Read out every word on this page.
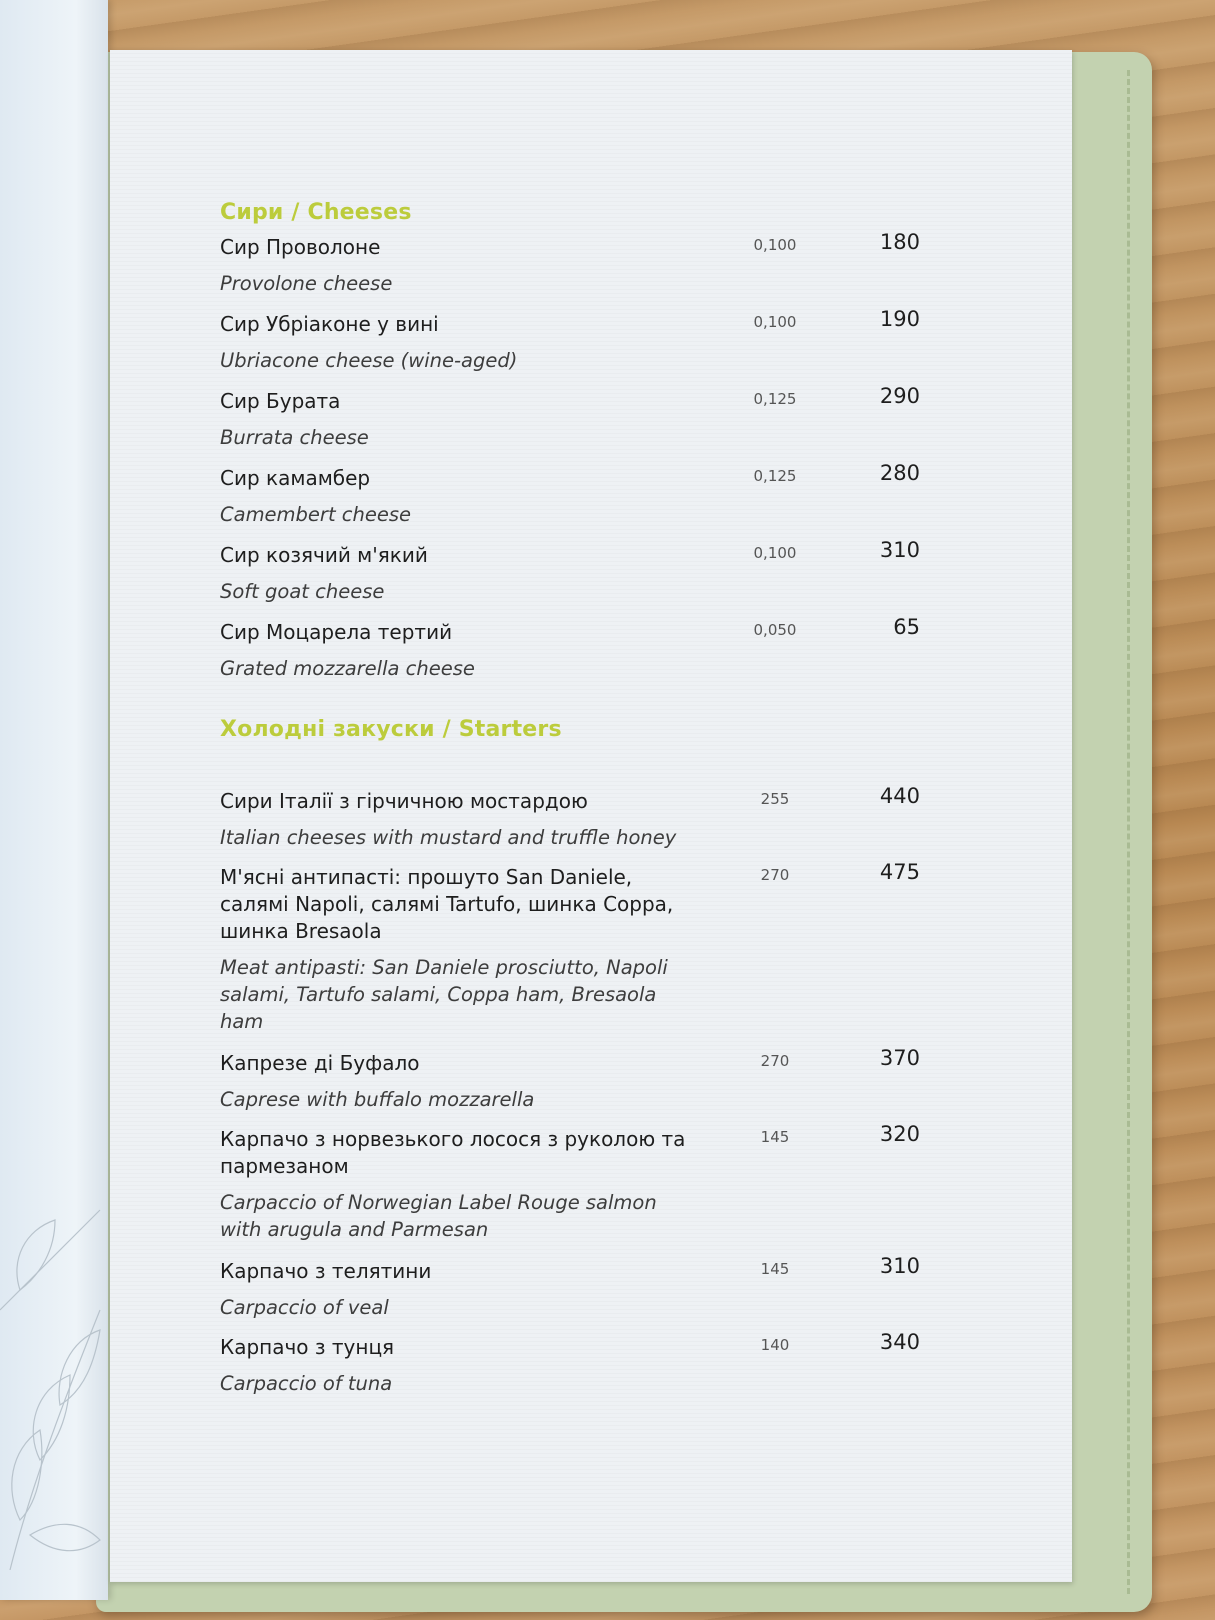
Сири / Cheeses
Сир Проволоне
Provolone cheese
0,100	180
Сир Убріаконе у вині
Ubriacone cheese (wine-aged)
0,100	190
Сир Бурата
Burrata cheese
0,125	290
Сир камамбер
Camembert cheese
0,125	280
Сир козячий м'який
Soft goat cheese
0,100	310
Сир Моцарела тертий
Grated mozzarella cheese
0,050	65
Холодні закуски / Starters
Сири Італії з гірчичною мостардою
Italian cheeses with mustard and truffle honey
255	440
М'ясні антипасті: прошуто San Daniele, салямі Napoli, салямі Tartufo, шинка Coppa, шинка Bresaola
Meat antipasti: San Daniele prosciutto, Napoli salami, Tartufo salami, Coppa ham, Bresaola ham
270	475
Капрезе ді Буфало
Caprese with buffalo mozzarella
270	370
Карпачо з норвезького лосося з руколою та пармезаном
Carpaccio of Norwegian Label Rouge salmon with arugula and Parmesan
145	320
Карпачо з телятини
Carpaccio of veal
145	310
Карпачо з тунця
Carpaccio of tuna
140	340
